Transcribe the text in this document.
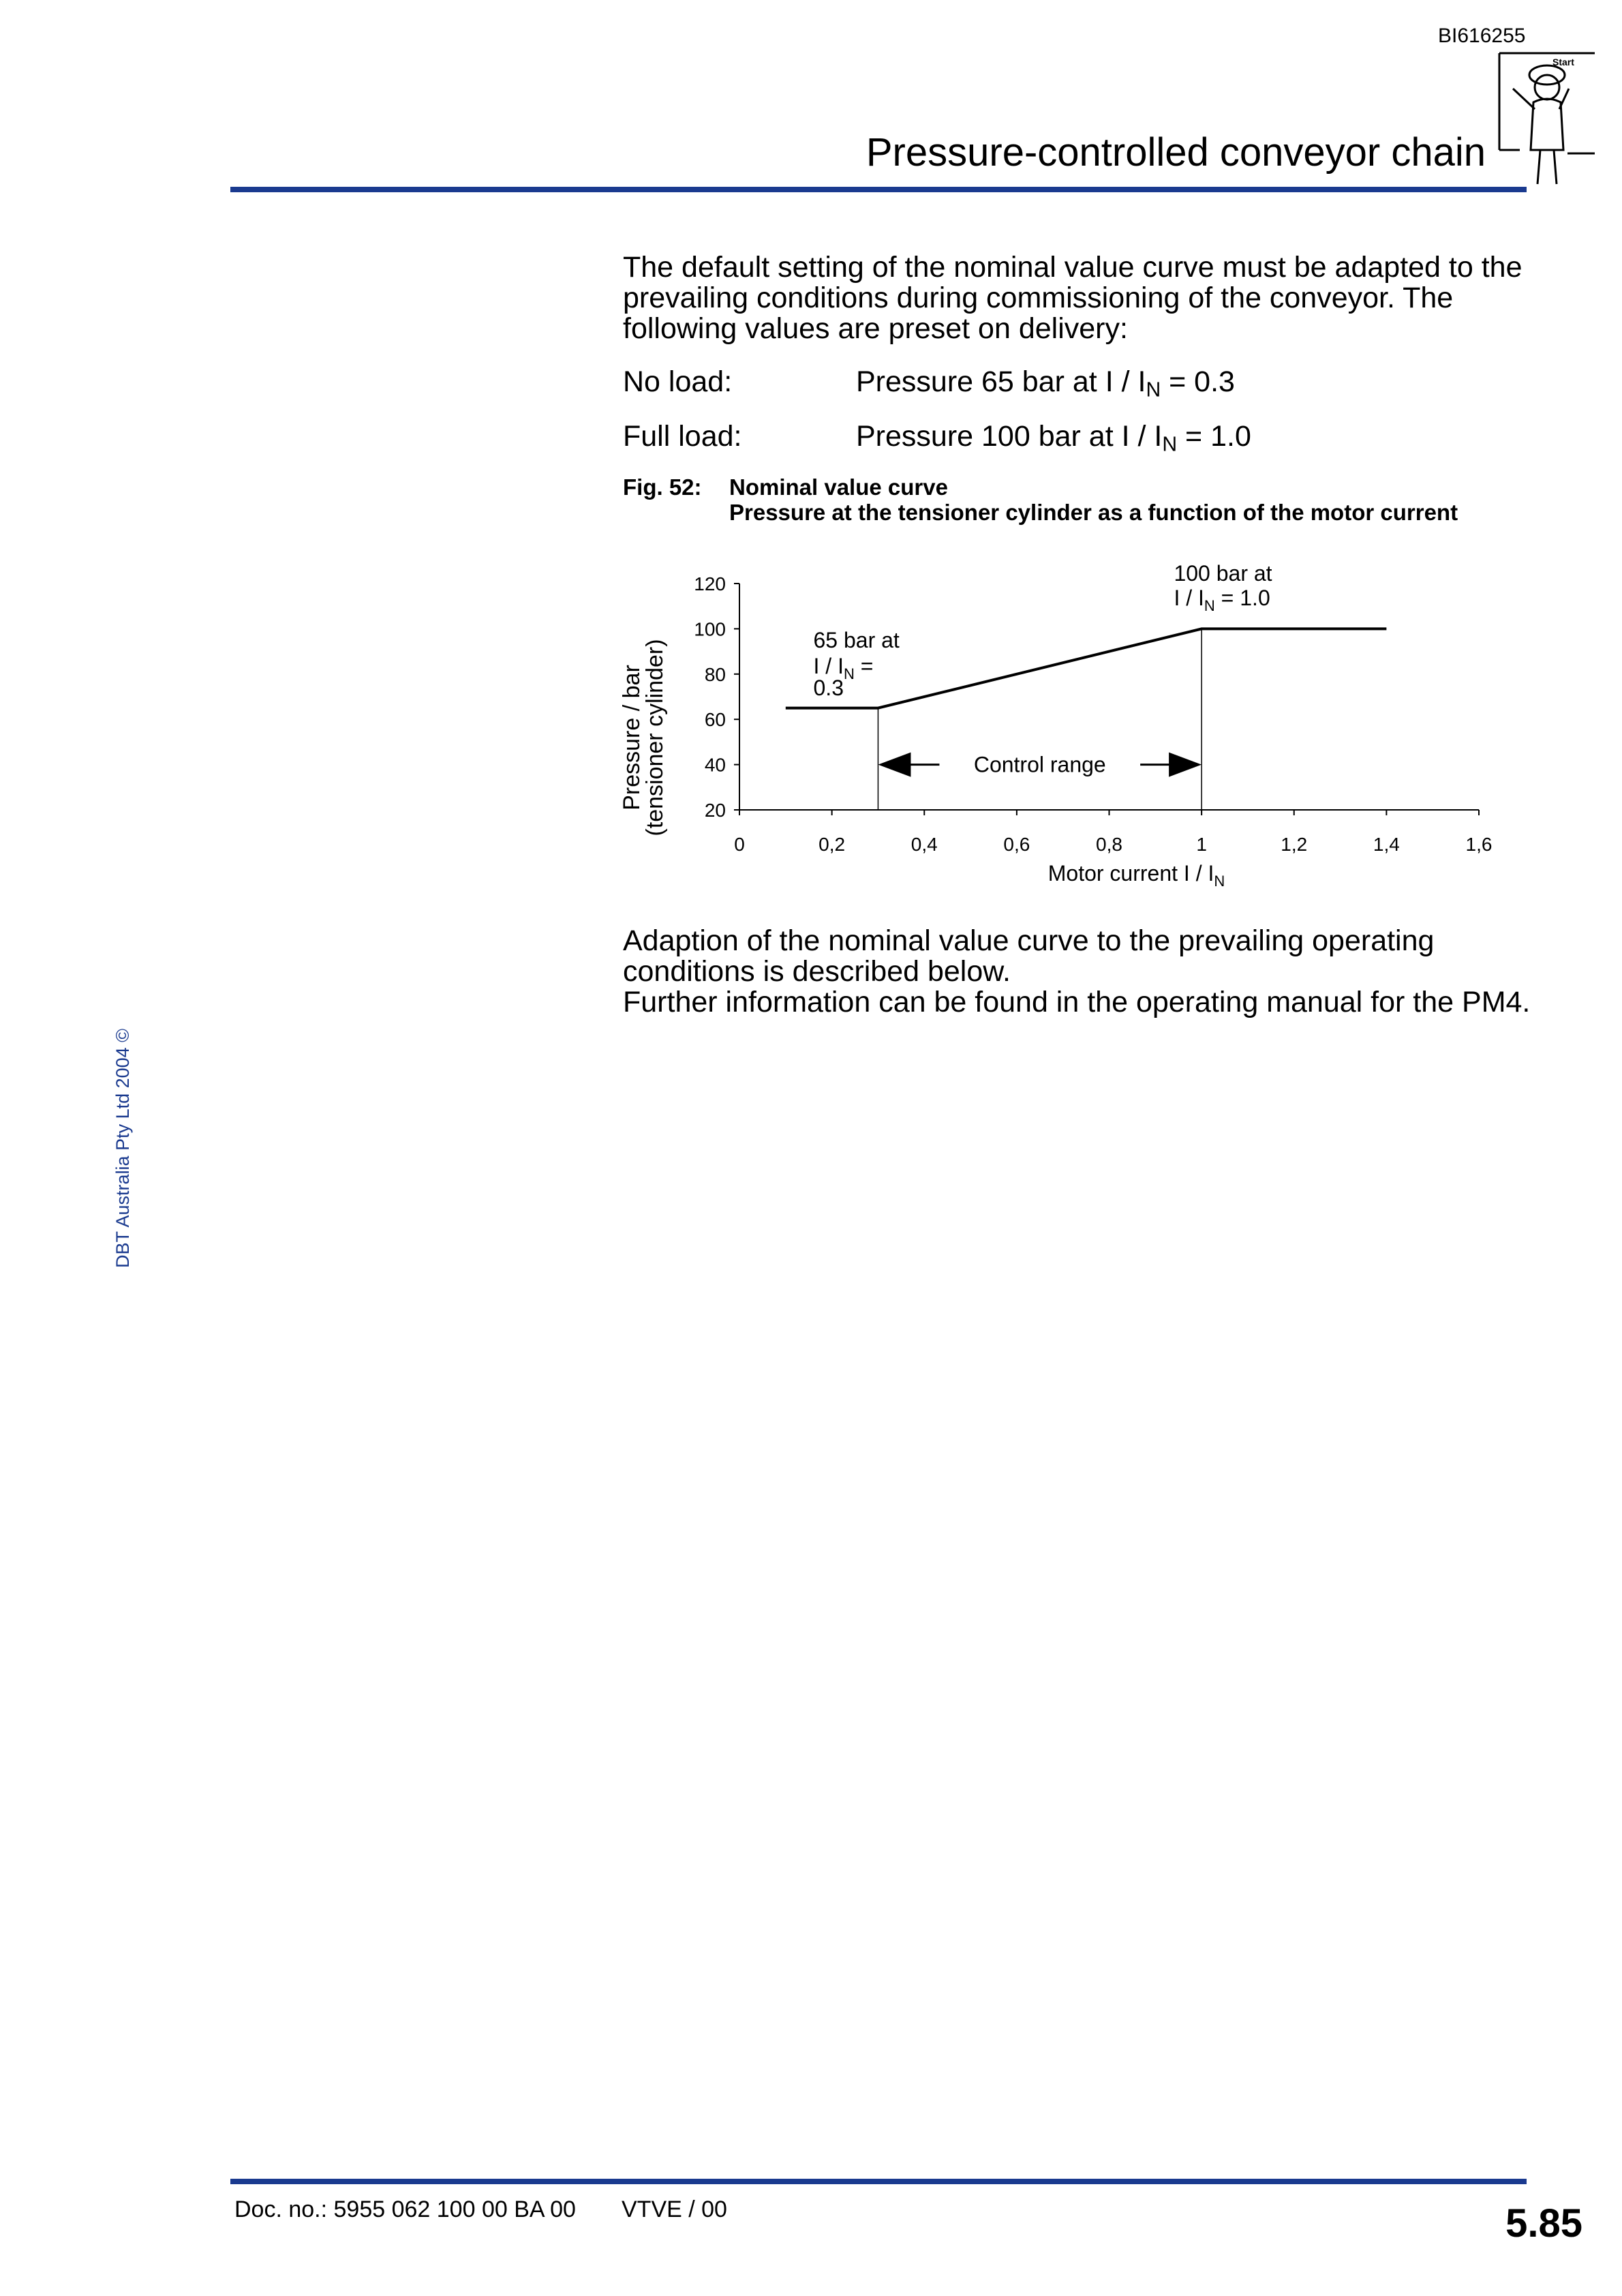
BI616255
Pressure-controlled conveyor chain
Start

The default setting of the nominal value curve must be adapted to the prevailing conditions during commissioning of the conveyor. The following values are preset on delivery:

No load:	Pressure 65 bar at $I / I_N = 0.3$
Full load:	Pressure 100 bar at $I / I_N = 1.0$
Fig. 52: Nominal value curve
Pressure at the tensioner cylinder as a function of the motor current
Motor current I / $I_N$
Pressure / bar
(tensioner cylinder) 20
40
60
80
100
120
0	0,2	0,4	0,6	0,8	1	1,2	1,4	1,6
65 bar at
I / $I_N$ =
0.3
100 bar at
$I / I_N = 1.0$
Control range

Adaption of the nominal value curve to the prevailing operating conditions is described below.

Further information can be found in the operating manual for the PM4.

DBT Australia Pty Ltd 2004 ©
Doc. no.: 5955 062 100 00 BA 00 VTVE / 00	5.85
